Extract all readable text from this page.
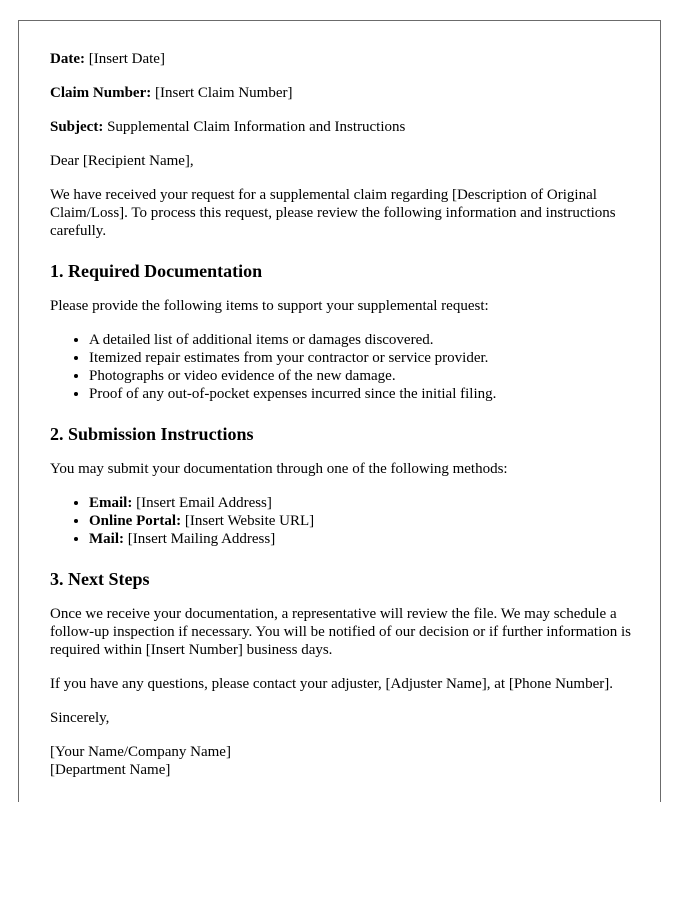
Date: [Insert Date]

Claim Number: [Insert Claim Number]

Subject: Supplemental Claim Information and Instructions

Dear [Recipient Name],

We have received your request for a supplemental claim regarding [Description of Original Claim/Loss]. To process this request, please review the following information and instructions carefully.

1. Required Documentation

Please provide the following items to support your supplemental request:

• A detailed list of additional items or damages discovered.
• Itemized repair estimates from your contractor or service provider.
• Photographs or video evidence of the new damage.
• Proof of any out-of-pocket expenses incurred since the initial filing.
2. Submission Instructions

You may submit your documentation through one of the following methods:

• Email: [Insert Email Address]
• Online Portal: [Insert Website URL]
• Mail: [Insert Mailing Address]
3. Next Steps

Once we receive your documentation, a representative will review the file. We may schedule a follow-up inspection if necessary. You will be notified of our decision or if further information is required within [Insert Number] business days.

If you have any questions, please contact your adjuster, [Adjuster Name], at [Phone Number].

Sincerely,

[Your Name/Company Name]

[Department Name]
